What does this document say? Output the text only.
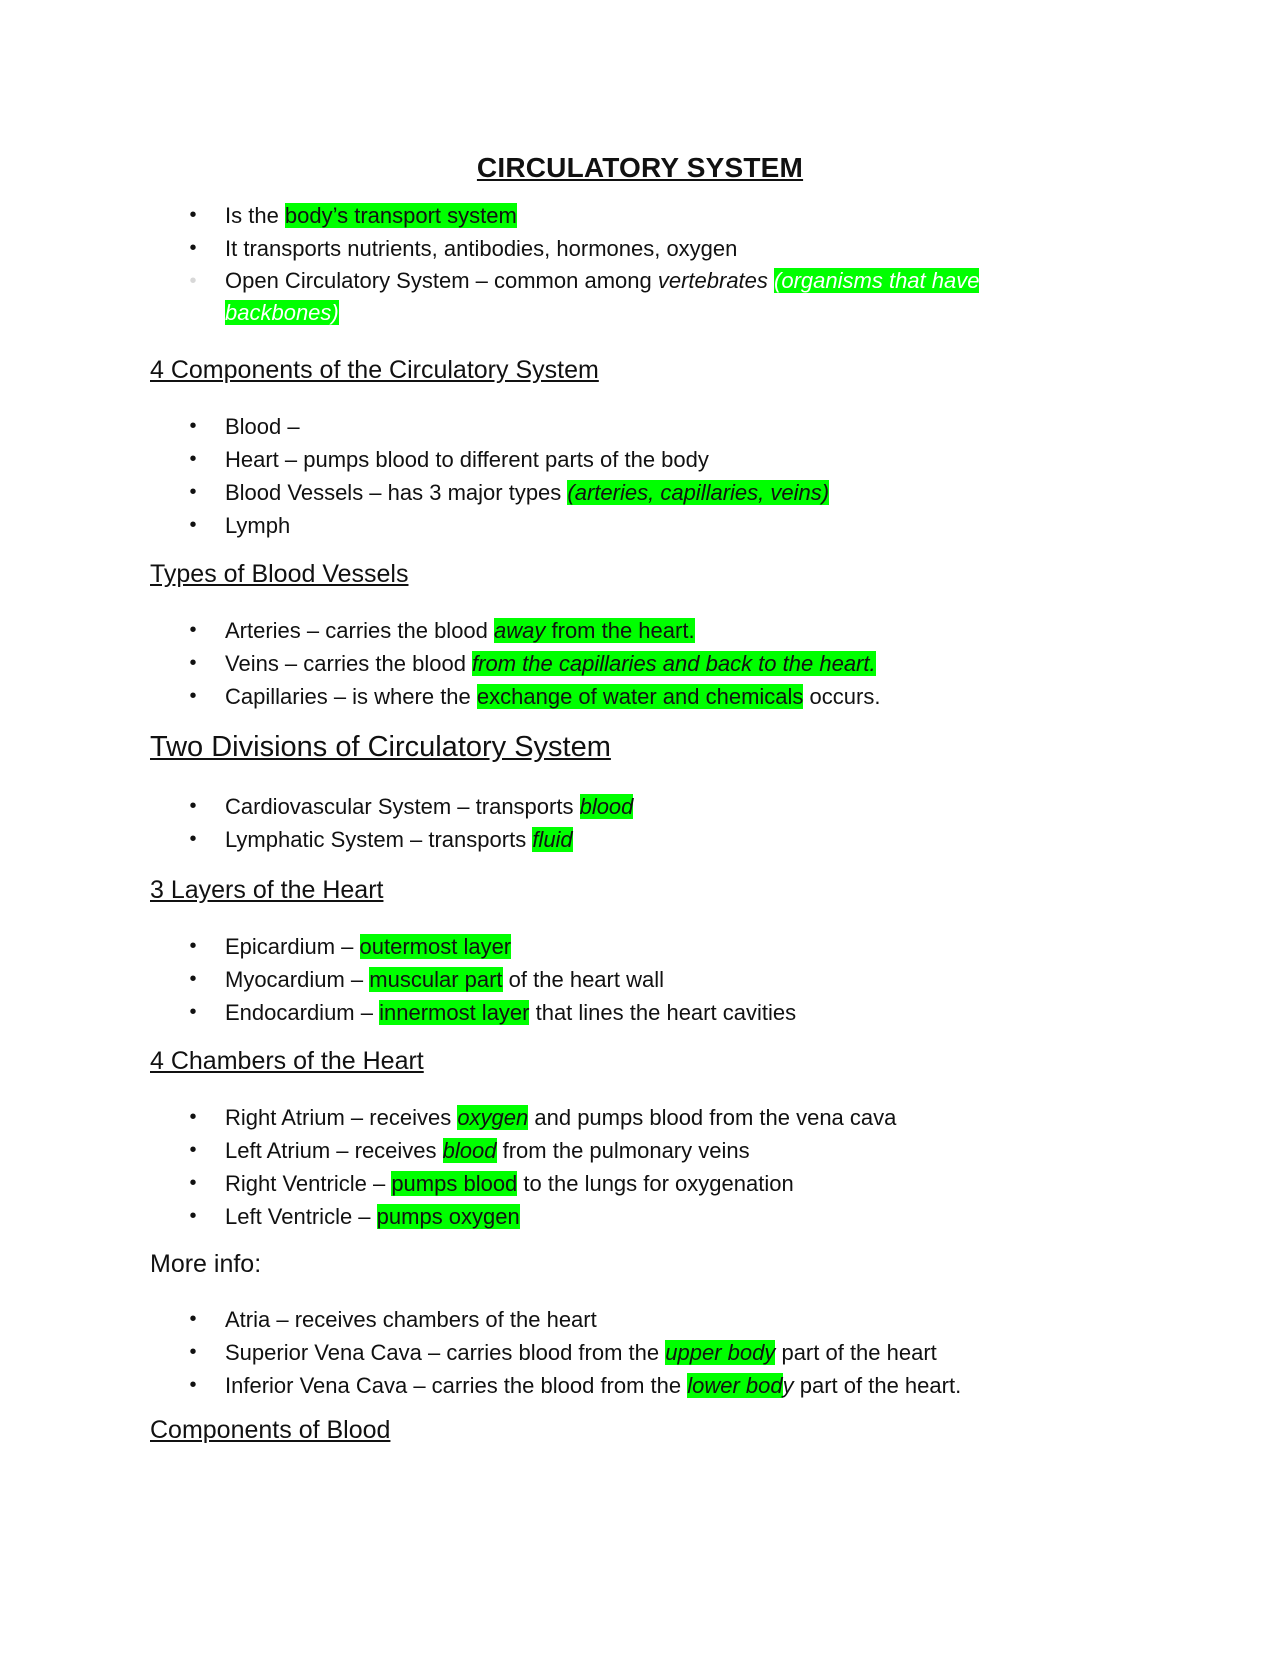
CIRCULATORY SYSTEM
• Is the body’s transport system
• It transports nutrients, antibodies, hormones, oxygen
• Open Circulatory System – common among vertebrates (organisms that have
backbones)
4 Components of the Circulatory System
• Blood –
• Heart – pumps blood to different parts of the body
• Blood Vessels – has 3 major types (arteries, capillaries, veins)
• Lymph
Types of Blood Vessels
• Arteries – carries the blood away from the heart.
• Veins – carries the blood from the capillaries and back to the heart.
• Capillaries – is where the exchange of water and chemicals occurs.
Two Divisions of Circulatory System
• Cardiovascular System – transports blood
• Lymphatic System – transports fluid
3 Layers of the Heart
• Epicardium – outermost layer
• Myocardium – muscular part of the heart wall
• Endocardium – innermost layer that lines the heart cavities
4 Chambers of the Heart
• Right Atrium – receives oxygen and pumps blood from the vena cava
• Left Atrium – receives blood from the pulmonary veins
• Right Ventricle – pumps blood to the lungs for oxygenation
• Left Ventricle – pumps oxygen
More info:
• Atria – receives chambers of the heart
• Superior Vena Cava – carries blood from the upper body part of the heart
• Inferior Vena Cava – carries the blood from the lower body part of the heart.
Components of Blood
